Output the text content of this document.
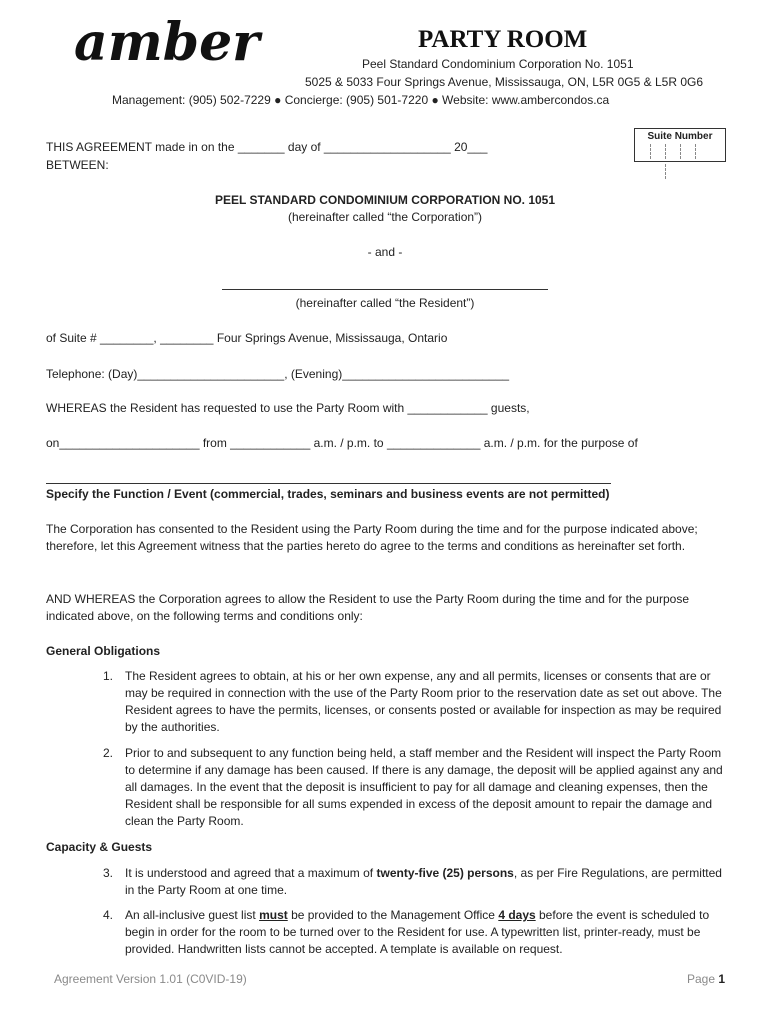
amber	PARTY ROOM
Peel Standard Condominium Corporation No. 1051
5025 & 5033 Four Springs Avenue, Mississauga, ON, L5R 0G5 & L5R 0G6
Management: (905) 502-7229 ● Concierge: (905) 501-7220 ● Website: www.ambercondos.ca
Suite Number
THIS AGREEMENT made in on the _______ day of ___________________ 20___
BETWEEN:
PEEL STANDARD CONDOMINIUM CORPORATION NO. 1051
(hereinafter called “the Corporation”)
- and -
(hereinafter called “the Resident”)
of Suite # ________, ________ Four Springs Avenue, Mississauga, Ontario
Telephone: (Day)______________________, (Evening)_________________________
WHEREAS the Resident has requested to use the Party Room with ____________ guests,
on_____________________ from ____________ a.m. / p.m. to ______________ a.m. / p.m. for the purpose of
Specify the Function / Event (commercial, trades, seminars and business events are not permitted)
The Corporation has consented to the Resident using the Party Room during the time and for the purpose indicated above; therefore, let this Agreement witness that the parties hereto do agree to the terms and conditions as hereinafter set forth.
AND WHEREAS the Corporation agrees to allow the Resident to use the Party Room during the time and for the purpose indicated above, on the following terms and conditions only:
General Obligations
1. The Resident agrees to obtain, at his or her own expense, any and all permits, licenses or consents that are or may be required in connection with the use of the Party Room prior to the reservation date as set out above. The Resident agrees to have the permits, licenses, or consents posted or available for inspection as may be required by the authorities.
2. Prior to and subsequent to any function being held, a staff member and the Resident will inspect the Party Room to determine if any damage has been caused. If there is any damage, the deposit will be applied against any and all damages. In the event that the deposit is insufficient to pay for all damage and cleaning expenses, then the Resident shall be responsible for all sums expended in excess of the deposit amount to repair the damage and clean the Party Room.
Capacity & Guests
3. It is understood and agreed that a maximum of twenty-five (25) persons, as per Fire Regulations, are permitted in the Party Room at one time.
4. An all-inclusive guest list must be provided to the Management Office 4 days before the event is scheduled to begin in order for the room to be turned over to the Resident for use. A typewritten list, printer-ready, must be provided. Handwritten lists cannot be accepted. A template is available on request.
Agreement Version 1.01 (C0VID-19)	Page 1
